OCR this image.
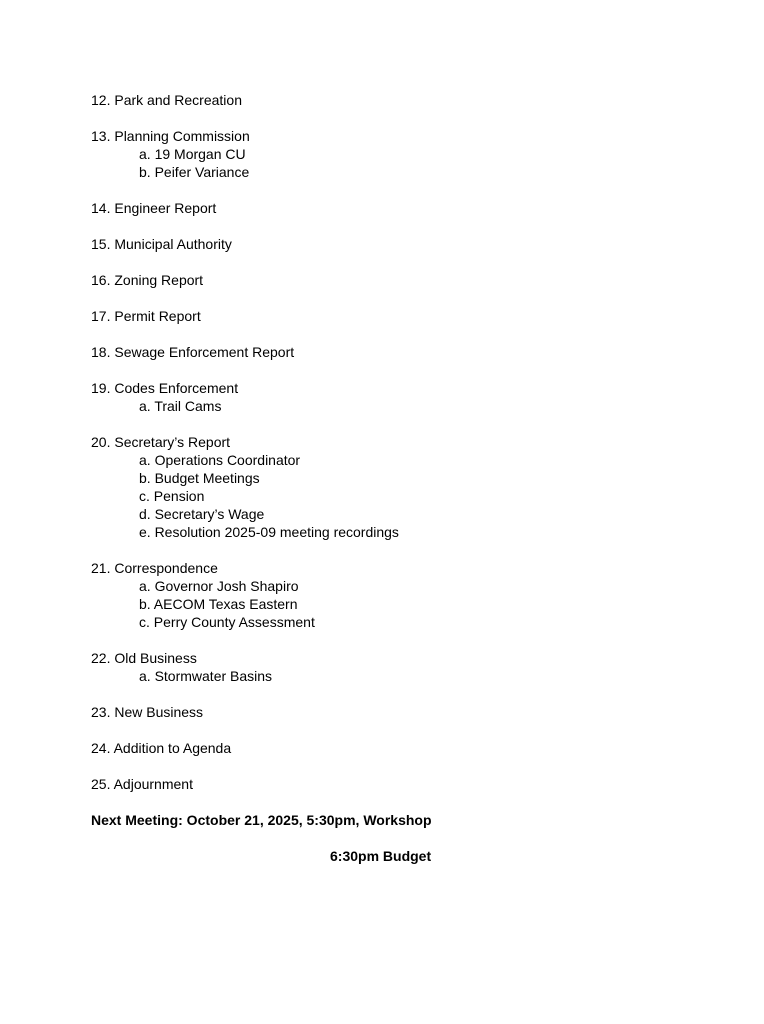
12. Park and Recreation
13. Planning Commission
a. 19 Morgan CU
b. Peifer Variance
14. Engineer Report
15. Municipal Authority
16. Zoning Report
17. Permit Report
18. Sewage Enforcement Report
19. Codes Enforcement
a. Trail Cams
20. Secretary’s Report
a. Operations Coordinator
b. Budget Meetings
c. Pension
d. Secretary’s Wage
e. Resolution 2025-09 meeting recordings
21. Correspondence
a. Governor Josh Shapiro
b. AECOM Texas Eastern
c. Perry County Assessment
22. Old Business
a. Stormwater Basins
23. New Business
24. Addition to Agenda
25. Adjournment

Next Meeting: October 21, 2025, 5:30pm, Workshop

6:30pm Budget
